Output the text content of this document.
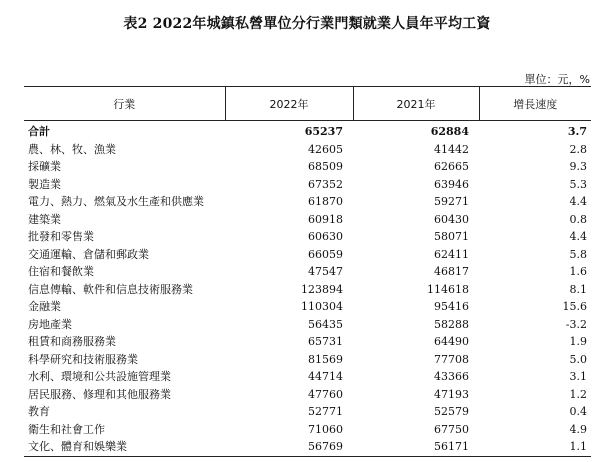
表2 2022年城鎮私營單位分行業門類就業人員年平均工資
單位：元，%
行業	2022年	2021年	增長速度
合計	65237	62884	3.7
農、林、牧、漁業	42605	41442	2.8
採礦業	68509	62665	9.3
製造業	67352	63946	5.3
電力、熱力、燃氣及水生產和供應業	61870	59271	4.4
建築業	60918	60430	0.8
批發和零售業	60630	58071	4.4
交通運輸、倉儲和郵政業	66059	62411	5.8
住宿和餐飲業	47547	46817	1.6
信息傳輸、軟件和信息技術服務業	123894	114618	8.1
金融業	110304	95416	15.6
房地產業	56435	58288	-3.2
租賃和商務服務業	65731	64490	1.9
科學研究和技術服務業	81569	77708	5.0
水利、環境和公共設施管理業	44714	43366	3.1
居民服務、修理和其他服務業	47760	47193	1.2
教育	52771	52579	0.4
衛生和社會工作	71060	67750	4.9
文化、體育和娛樂業	56769	56171	1.1
